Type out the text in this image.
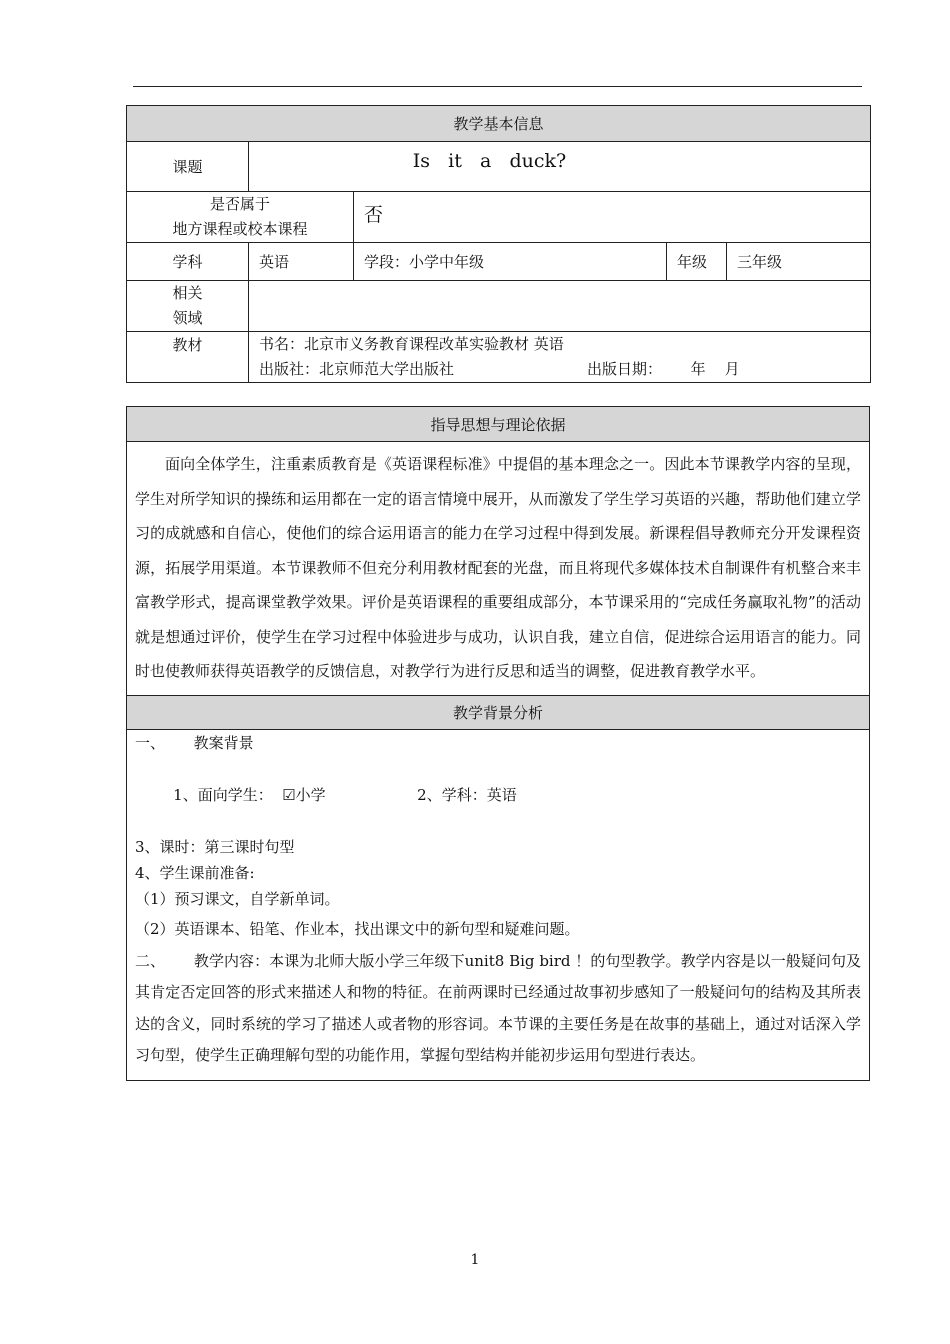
教学基本信息				
课题	Is   it   a   duck?			

是否属于
地方课程或校本课程		否		
学科	英语	学段：小学中年级	年级	三年级

相关
领域				

教材	书名：北京市义务教育课程改革实验教材 英语
出版社：北京师范大学出版社 出版日期：      年    月			
指导思想与理论依据

面向全体学生，注重素质教育是《英语课程标准》中提倡的基本理念之一。因此本节课教学内容的呈现，学生对所学知识的操练和运用都在一定的语言情境中展开，从而激发了学生学习英语的兴趣，帮助他们建立学习的成就感和自信心，使他们的综合运用语言的能力在学习过程中得到发展。新课程倡导教师充分开发课程资源，拓展学用渠道。本节课教师不但充分利用教材配套的光盘，而且将现代多媒体技术自制课件有机整合来丰富教学形式，提高课堂教学效果。评价是英语课程的重要组成部分，本节课采用的“完成任务赢取礼物”的活动就是想通过评价，使学生在学习过程中体验进步与成功，认识自我，建立自信，促进综合运用语言的能力。同时也使教师获得英语教学的反馈信息，对教学行为进行反思和适当的调整，促进教育教学水平。

教学背景分析

一、      教案背景

1、面向学生：  ☑小学	2、学科：英语

3、课时：第三课时句型
4、学生课前准备:
（1）预习课文，自学新单词。
（2）英语课本、铅笔、作业本，找出课文中的新句型和疑难问题。
二、      教学内容：本课为北师大版小学三年级下unit8 Big bird ！的句型教学。教学内容是以一般疑问句及其肯定否定回答的形式来描述人和物的特征。在前两课时已经通过故事初步感知了一般疑问句的结构及其所表达的含义，同时系统的学习了描述人或者物的形容词。本节课的主要任务是在故事的基础上，通过对话深入学习句型，使学生正确理解句型的功能作用，掌握句型结构并能初步运用句型进行表达。
1
